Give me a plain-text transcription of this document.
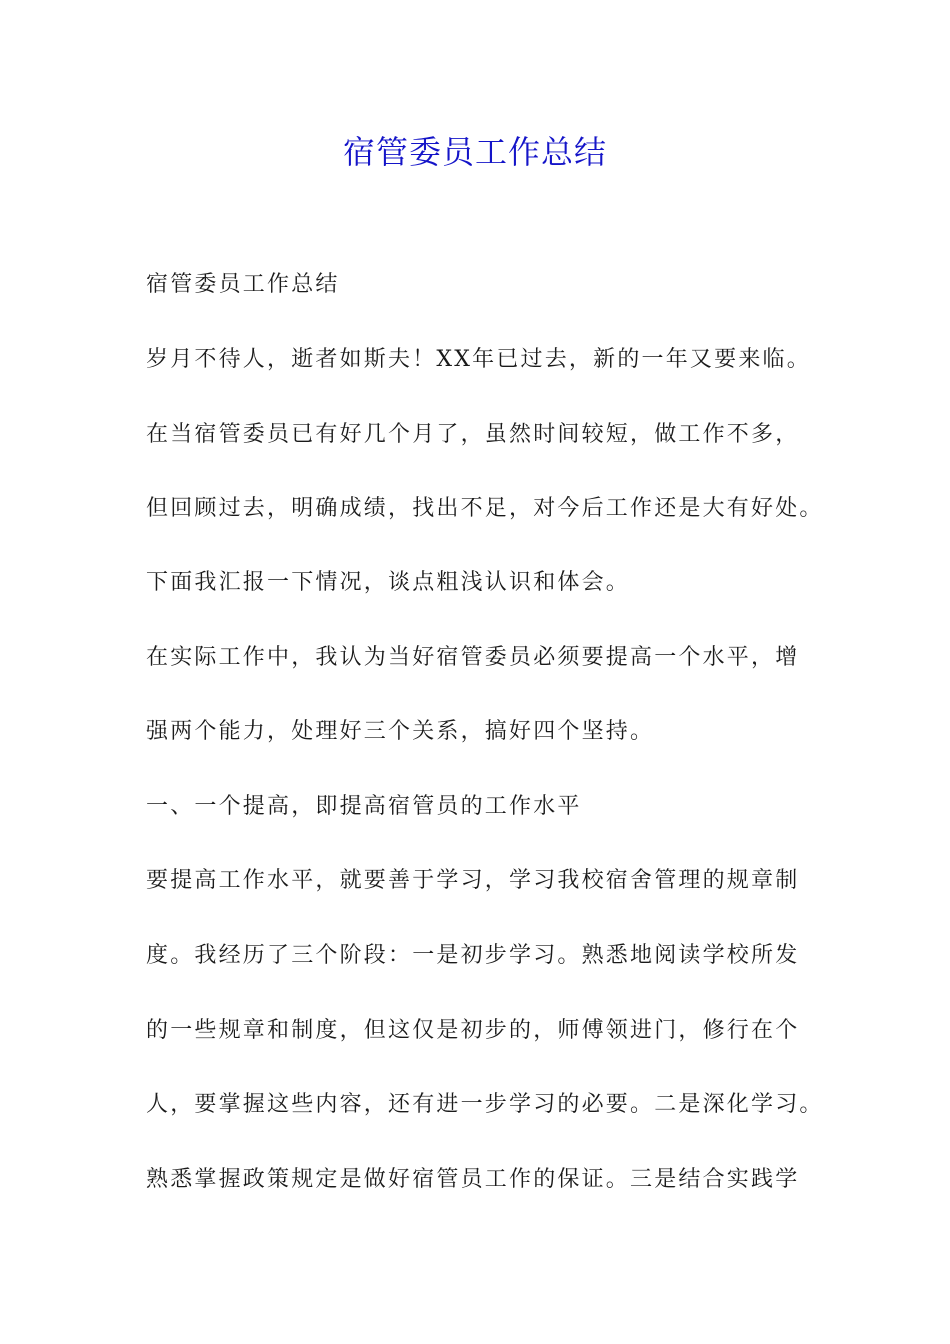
宿管委员工作总结
宿管委员工作总结
岁月不待人，逝者如斯夫！XX年已过去，新的一年又要来临。
在当宿管委员已有好几个月了，虽然时间较短，做工作不多，
但回顾过去，明确成绩，找出不足，对今后工作还是大有好处。
下面我汇报一下情况，谈点粗浅认识和体会。
在实际工作中，我认为当好宿管委员必须要提高一个水平，增
强两个能力，处理好三个关系，搞好四个坚持。
一、一个提高，即提高宿管员的工作水平
要提高工作水平，就要善于学习，学习我校宿舍管理的规章制
度。我经历了三个阶段：一是初步学习。熟悉地阅读学校所发
的一些规章和制度，但这仅是初步的，师傅领进门，修行在个
人，要掌握这些内容，还有进一步学习的必要。二是深化学习。
熟悉掌握政策规定是做好宿管员工作的保证。三是结合实践学
